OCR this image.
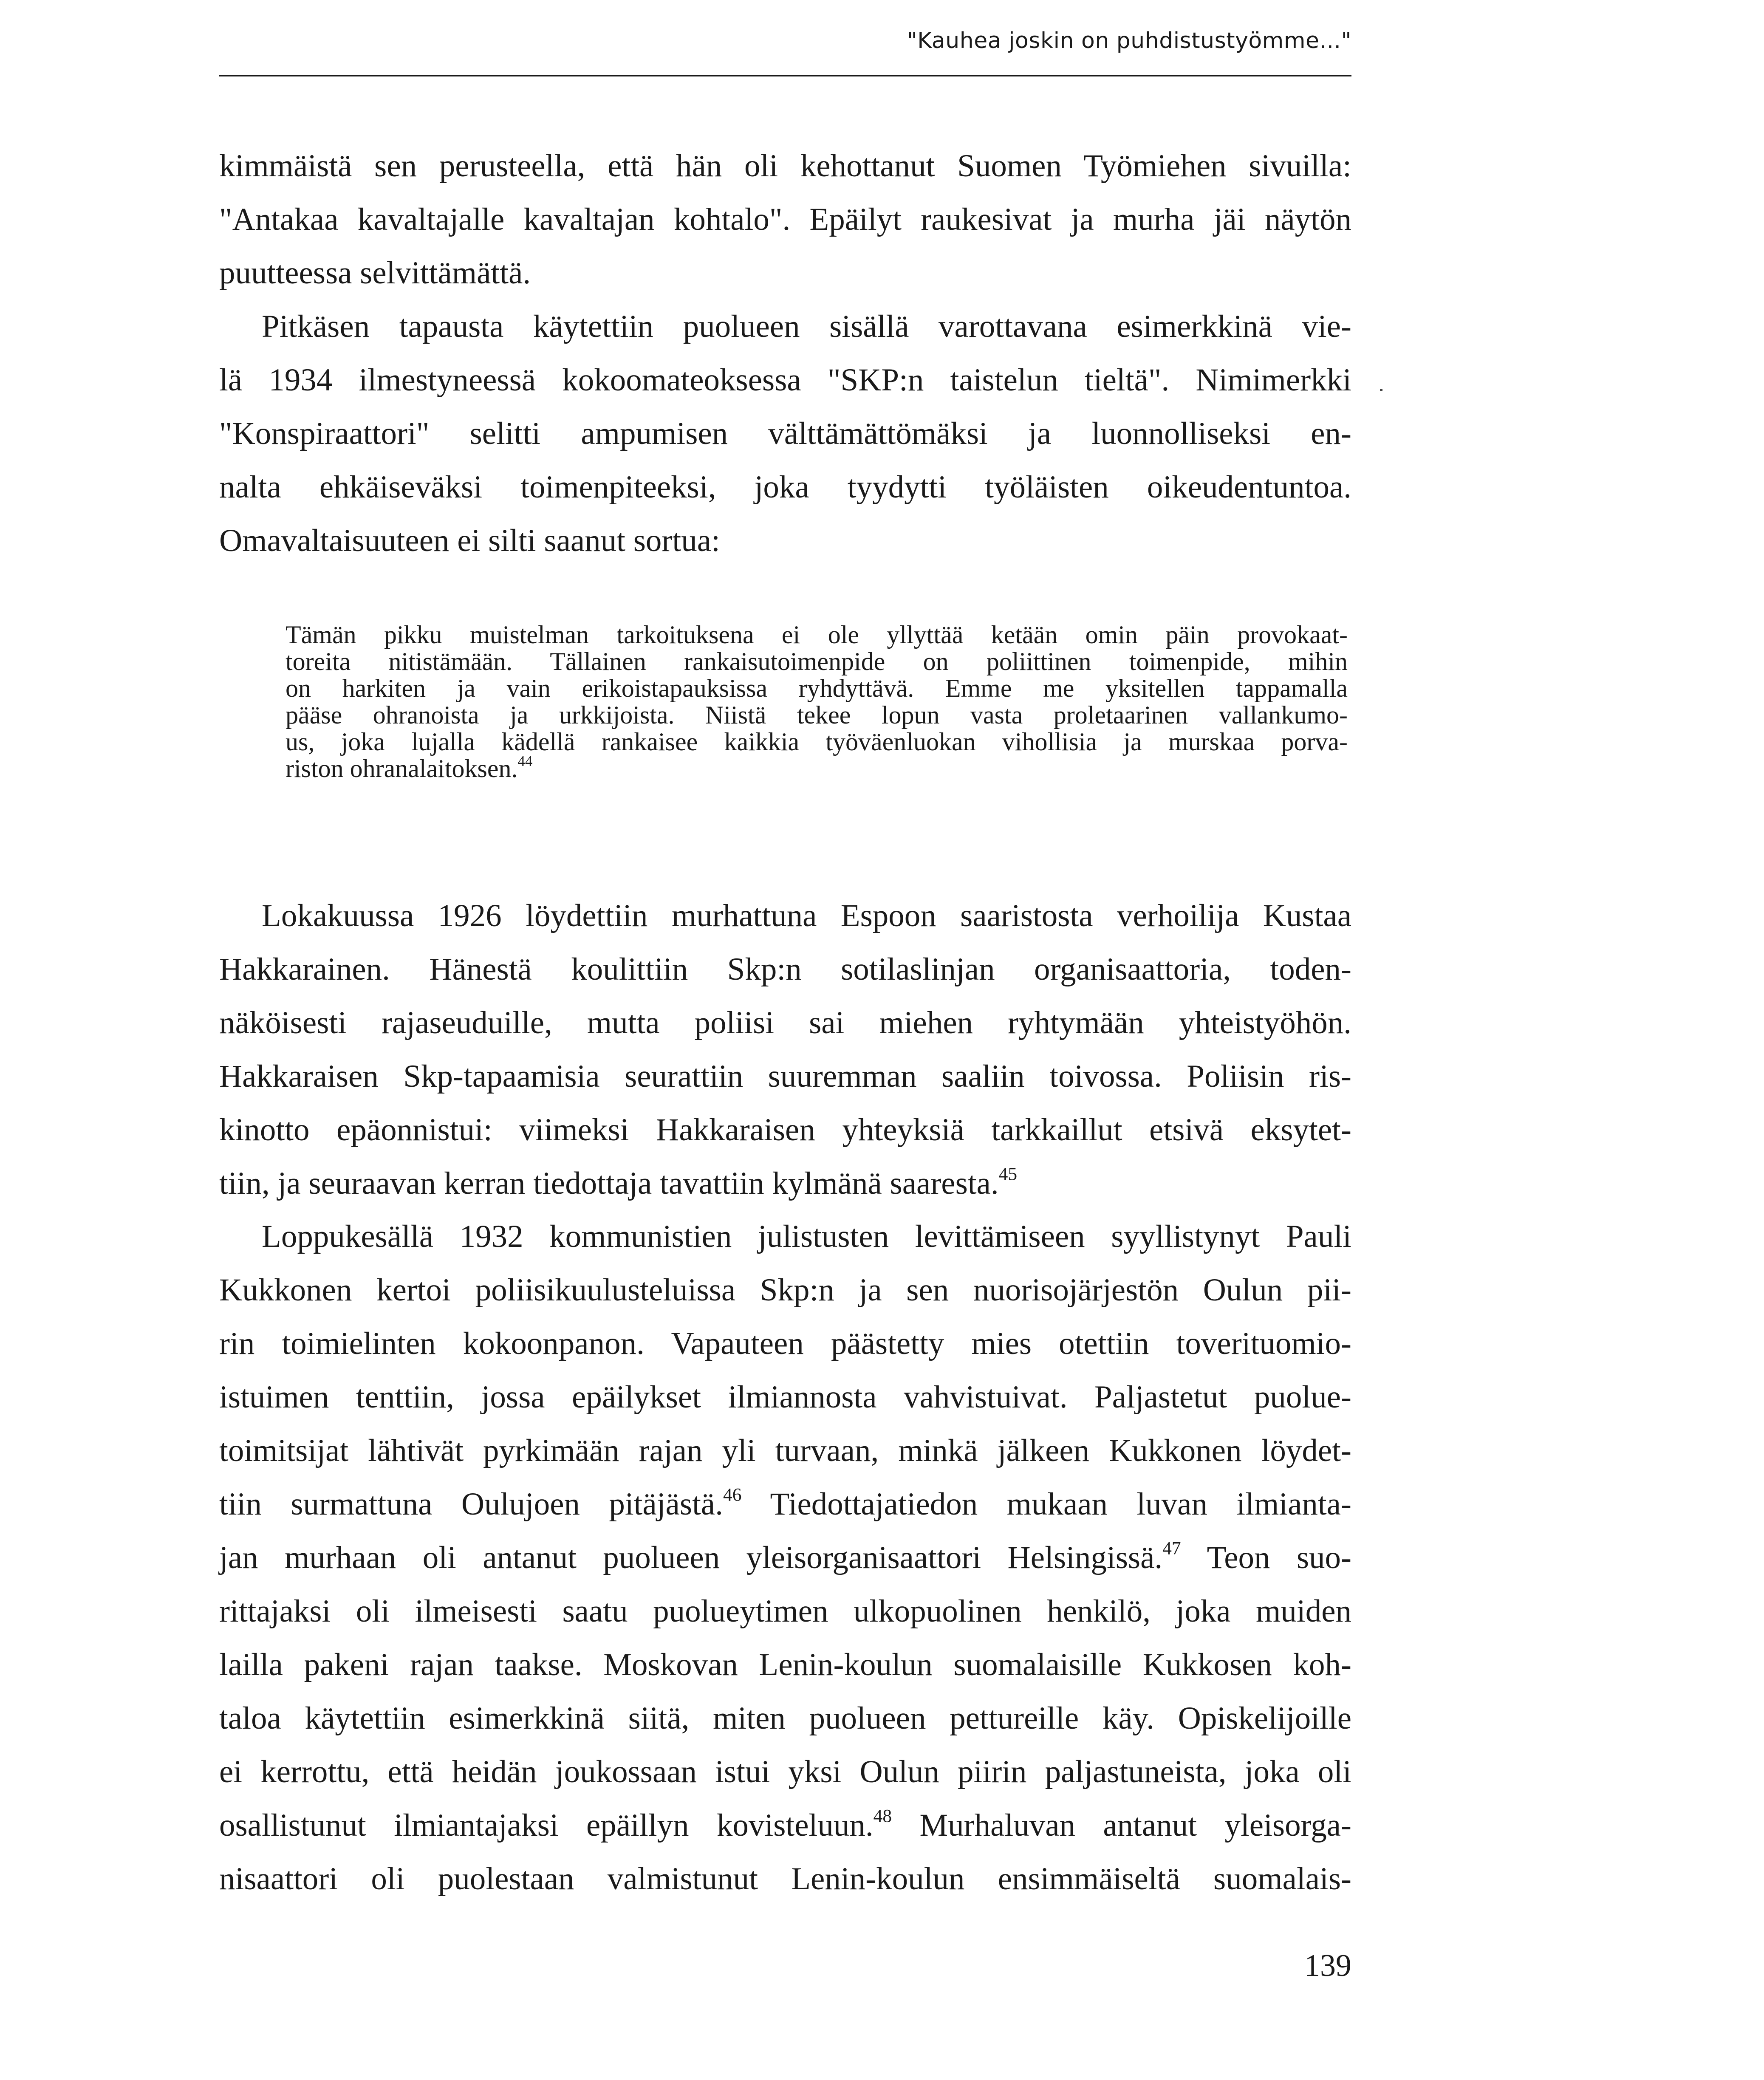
"Kauhea joskin on puhdistustyömme..."
kimmäistä sen perusteella, että hän oli kehottanut Suomen Työmiehen sivuilla:
"Antakaa kavaltajalle kavaltajan kohtalo". Epäilyt raukesivat ja murha jäi näytön
puutteessa selvittämättä.
Pitkäsen tapausta käytettiin puolueen sisällä varottavana esimerkkinä vie-
lä 1934 ilmestyneessä kokoomateoksessa "SKP:n taistelun tieltä". Nimimerkki
"Konspiraattori" selitti ampumisen välttämättömäksi ja luonnolliseksi en-
nalta ehkäiseväksi toimenpiteeksi, joka tyydytti työläisten oikeudentuntoa.
Omavaltaisuuteen ei silti saanut sortua:
Tämän pikku muistelman tarkoituksena ei ole yllyttää ketään omin päin provokaat-
toreita nitistämään. Tällainen rankaisutoimenpide on poliittinen toimenpide, mihin
on harkiten ja vain erikoistapauksissa ryhdyttävä. Emme me yksitellen tappamalla
pääse ohranoista ja urkkijoista. Niistä tekee lopun vasta proletaarinen vallankumo-
us, joka lujalla kädellä rankaisee kaikkia työväenluokan vihollisia ja murskaa porva-
riston ohranalaitoksen.$^{44}$
Lokakuussa 1926 löydettiin murhattuna Espoon saaristosta verhoilija Kustaa
Hakkarainen. Hänestä koulittiin Skp:n sotilaslinjan organisaattoria, toden-
näköisesti rajaseuduille, mutta poliisi sai miehen ryhtymään yhteistyöhön.
Hakkaraisen Skp-tapaamisia seurattiin suuremman saaliin toivossa. Poliisin ris-
kinotto epäonnistui: viimeksi Hakkaraisen yhteyksiä tarkkaillut etsivä eksytet-
tiin, ja seuraavan kerran tiedottaja tavattiin kylmänä saaresta.$^{45}$
Loppukesällä 1932 kommunistien julistusten levittämiseen syyllistynyt Pauli
Kukkonen kertoi poliisikuulusteluissa Skp:n ja sen nuorisojärjestön Oulun pii-
rin toimielinten kokoonpanon. Vapauteen päästetty mies otettiin toverituomio-
istuimen tenttiin, jossa epäilykset ilmiannosta vahvistuivat. Paljastetut puolue-
toimitsijat lähtivät pyrkimään rajan yli turvaan, minkä jälkeen Kukkonen löydet-
tiin surmattuna Oulujoen pitäjästä.$^{46}$ Tiedottajatiedon mukaan luvan ilmianta-
jan murhaan oli antanut puolueen yleisorganisaattori Helsingissä.$^{47}$ Teon suo-
rittajaksi oli ilmeisesti saatu puolueytimen ulkopuolinen henkilö, joka muiden
lailla pakeni rajan taakse. Moskovan Lenin-koulun suomalaisille Kukkosen koh-
taloa käytettiin esimerkkinä siitä, miten puolueen pettureille käy. Opiskelijoille
ei kerrottu, että heidän joukossaan istui yksi Oulun piirin paljastuneista, joka oli
osallistunut ilmiantajaksi epäillyn kovisteluun.$^{48}$ Murhaluvan antanut yleisorga-
nisaattori oli puolestaan valmistunut Lenin-koulun ensimmäiseltä suomalais-
139
